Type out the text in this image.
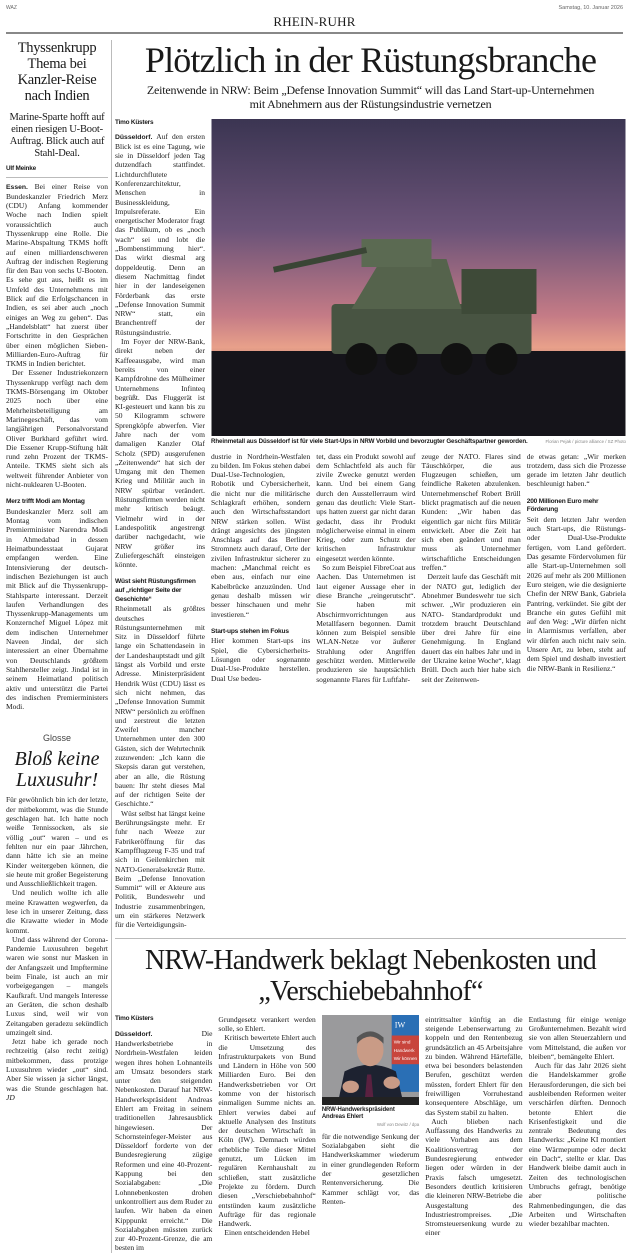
WAZ	Samstag, 10. Januar 2026
RHEIN-RUHR
Thyssenkrupp Thema bei Kanzler-Reise nach Indien
Marine-Sparte hofft auf einen riesigen U-Boot-Auftrag. Blick auch auf Stahl-Deal.
Ulf Meinke

Essen. Bei einer Reise von Bundeskanzler Friedrich Merz (CDU) Anfang kommender Woche nach Indien spielt voraussichtlich auch Thyssenkrupp eine Rolle. Die Marine-Abspaltung TKMS hofft auf einen milliardenschweren Auftrag der indischen Regierung für den Bau von sechs U-Booten. Es sehe gut aus, heißt es im Umfeld des Unternehmens mit Blick auf die Erfolgschancen in Indien, es sei aber auch „noch einiges an Weg zu gehen“. Das „Handelsblatt“ hat zuerst über Fortschritte in den Gesprächen über einen möglichen Sieben-Milliarden-Euro-Auftrag für TKMS in Indien berichtet.

Der Essener Industriekonzern Thyssenkrupp verfügt nach dem TKMS-Börsengang im Oktober 2025 noch über eine Mehrheitsbeteiligung am Marinegeschäft, das vom langjährigen Personalvorstand Oliver Burkhard geführt wird. Die Essener Krupp-Stiftung hält rund zehn Prozent der TKMS-Anteile. TKMS sieht sich als weltweit führender Anbieter von nicht-nuklearen U-Booten.

Merz trifft Modi am Montag

Bundeskanzler Merz soll am Montag vom indischen Premierminister Narendra Modi in Ahmedabad in dessen Heimatbundesstaat Gujarat empfangen werden. Eine Intensivierung der deutsch-indischen Beziehungen ist auch mit Blick auf die Thyssenkrupp-Stahlsparte interessant. Derzeit laufen Verhandlungen des Thyssenkrupp-Managements um Konzernchef Miguel López mit dem indischen Unternehmer Naveen Jindal, der sich interessiert an einer Übernahme von Deutschlands größtem Stahlhersteller zeigt. Jindal ist in seinem Heimatland politisch aktiv und unterstützt die Partei des indischen Premierministers Modi.

Glosse
Bloß keine Luxusuhr!

Für gewöhnlich bin ich der letzte, der mitbekommt, was die Stunde geschlagen hat. Ich hatte noch weiße Tennissocken, als sie völlig „out“ waren – und es fehlten nur ein paar Jährchen, dann hätte ich sie an meine Kinder weitergeben können, die sie heute mit großer Begeisterung und Ausschließlichkeit tragen.

Und neulich wollte ich alle meine Krawatten wegwerfen, da lese ich in unserer Zeitung, dass die Krawatte wieder in Mode kommt.

Und dass während der Corona-Pandemie Luxusuhren begehrt waren wie sonst nur Masken in der Anfangszeit und Impftermine beim Finale, ist auch an mir vorbeigegangen – mangels Kaufkraft. Und mangels Interesse an Geräten, die schon deshalb Luxus sind, weil wir von Zeitangaben geradezu sekündlich umzingelt sind.

Jetzt habe ich gerade noch rechtzeitig (also recht zeitig) mitbekommen, dass protzige Luxusuhren wieder „out“ sind. Aber Sie wissen ja sicher längst, was die Stunde geschlagen hat. JD

Plötzlich in der Rüstungsbranche
Zeitenwende in NRW: Beim „Defense Innovation Summit“ will das Land Start-up-Unternehmen
mit Abnehmern aus der Rüstungsindustrie vernetzen
Timo Küsters

Düsseldorf. Auf den ersten Blick ist es eine Tagung, wie sie in Düsseldorf jeden Tag dutzendfach stattfindet. Lichtdurchflutete Konferenzarchitektur, Menschen in Businesskleidung, Impulsreferate. Ein energetischer Moderator fragt das Publikum, ob es „noch wach“ sei und lobt die „Bombenstimmung hier“. Das wirkt diesmal arg doppeldeutig. Denn an diesem Nachmittag findet hier in der landeseigenen Förderbank das erste „Defense Innovation Summit NRW“ statt, ein Branchentreff der Rüstungsindustrie.

Im Foyer der NRW-Bank, direkt neben der Kaffeeausgabe, wird man bereits von einer Kampfdrohne des Mülheimer Unternehmens Infinteq begrüßt. Das Fluggerät ist KI-gesteuert und kann bis zu 50 Kilogramm schwere Sprengköpfe abwerfen. Vier Jahre nach der vom damaligen Kanzler Olaf Scholz (SPD) ausgerufenen „Zeitenwende“ hat sich der Umgang mit den Themen Krieg und Militär auch in NRW spürbar verändert. Rüstungsfirmen werden nicht mehr kritisch beäugt. Vielmehr wird in der Landespolitik angestrengt darüber nachgedacht, wie NRW größer ins Zuliefergeschäft einsteigen könnte.

Wüst sieht Rüstungsfirmen auf „richtiger Seite der Geschichte“

Rheinmetall als größtes deutsches Rüstungsunternehmen mit Sitz in Düsseldorf führte lange ein Schattendasein in der Landeshauptstadt und gilt längst als Vorbild und erste Adresse. Ministerpräsident Hendrik Wüst (CDU) lässt es sich nicht nehmen, das „Defense Innovation Summit NRW“ persönlich zu eröffnen und zerstreut die letzten Zweifel mancher Unternehmen unter den 300 Gästen, sich der Wehrtechnik zuzuwenden: „Ich kann die Skepsis daran gut verstehen, aber an alle, die Rüstung bauen: Ihr steht dieses Mal auf der richtigen Seite der Geschichte.“

Wüst selbst hat längst keine Berührungsängste mehr. Er fuhr nach Weeze zur Fabrikeröffnung für das Kampfflugzeug F-35 und traf sich in Geilenkirchen mit NATO-Generalsekretär Rutte. Beim „Defense Innovation Summit“ will er Akteure aus Politik, Bundeswehr und Industrie zusammenbringen, um ein stärkeres Netzwerk für die Verteidigungsin-

Rheinmetall aus Düsseldorf ist für viele Start-Ups in NRW Vorbild und bevorzugter Geschäftspartner geworden.	Florian Pejak / picture alliance / SZ Photo

dustrie in Nordrhein-Westfalen zu bilden. Im Fokus stehen dabei Dual-Use-Technologien, Robotik und Cybersicherheit, die nicht nur die militärische Schlagkraft erhöhen, sondern auch den Wirtschaftsstandort NRW stärken sollen. Wüst drängt angesichts des jüngsten Anschlags auf das Berliner Stromnetz auch darauf, Orte der zivilen Infrastruktur sicherer zu machen: „Manchmal reicht es eben aus, einfach nur eine Kabelbrücke anzuzünden. Und genau deshalb müssen wir besser hinschauen und mehr investieren.“

Start-ups stehen im Fokus

Hier kommen Start-ups ins Spiel, die Cybersicherheits-Lösungen oder sogenannte Dual-Use-Produkte herstellen. Dual Use bedeu-

tet, dass ein Produkt sowohl auf dem Schlachtfeld als auch für zivile Zwecke genutzt werden kann. Und bei einem Gang durch den Ausstellerraum wird genau das deutlich: Viele Start-ups hatten zuerst gar nicht daran gedacht, dass ihr Produkt möglicherweise einmal in einem Krieg, oder zum Schutz der kritischen Infrastruktur eingesetzt werden könnte.

So zum Beispiel FibreCoat aus Aachen. Das Unternehmen ist laut eigener Aussage eher in diese Branche „reingerutscht“. Sie haben mit Abschirmvorrichtungen aus Metallfasern begonnen. Damit können zum Beispiel sensible WLAN-Netze vor äußerer Strahlung oder Angriffen geschützt werden. Mittlerweile produzieren sie hauptsächlich sogenannte Flares für Luftfahr-

zeuge der NATO. Flares sind Täuschkörper, die aus Flugzeugen schießen, um feindliche Raketen abzulenken. Unternehmenschef Robert Brüll blickt pragmatisch auf die neuen Kunden: „Wir haben das eigentlich gar nicht fürs Militär entwickelt. Aber die Zeit hat sich eben geändert und man muss als Unternehmer wirtschaftliche Entscheidungen treffen.“

Derzeit laufe das Geschäft mit der NATO gut, lediglich der Abnehmer Bundeswehr tue sich schwer. „Wir produzieren ein NATO- Standardprodukt und trotzdem braucht Deutschland über drei Jahre für eine Genehmigung. In England dauert das ein halbes Jahr und in der Ukraine keine Woche“, klagt Brüll. Doch auch hier habe sich seit der Zeitenwen-

de etwas getan: „Wir merken trotzdem, dass sich die Prozesse gerade im letzten Jahr deutlich beschleunigt haben.“

200 Millionen Euro mehr Förderung

Seit dem letzten Jahr werden auch Start-ups, die Rüstungs- oder Dual-Use-Produkte fertigen, vom Land gefördert. Das gesamte Fördervolumen für alle Start-up-Unternehmen soll 2026 auf mehr als 200 Millionen Euro steigen, wie die designierte Chefin der NRW Bank, Gabriela Pantring, verkündet. Sie gibt der Branche ein gutes Gefühl mit auf den Weg: „Wir dürfen nicht in Alarmismus verfallen, aber wir dürfen auch nicht naiv sein. Unsere Art, zu leben, steht auf dem Spiel und deshalb investiert die NRW-Bank in Resilienz.“

NRW-Handwerk beklagt Nebenkosten und „Verschiebebahnhof“
Timo Küsters

Düsseldorf.	Die Handwerksbetriebe in Nordrhein-Westfalen leiden wegen ihres hohen Lohnanteils am Umsatz besonders stark unter den steigenden Nebenkosten. Darauf hat NRW-Handwerkspräsident Andreas Ehlert am Freitag in seinem traditionellen Jahresausblick hingewiesen. Der Schornsteinfeger-Meister aus Düsseldorf forderte von der Bundesregierung zügige Reformen und eine 40-Prozent-Kappung bei den Sozialabgaben: „Die Lohnnebenkosten drohen unkontrolliert aus dem Ruder zu laufen. Wir haben da einen Kipppunkt erreicht.“ Die Sozialabgaben müssten zurück zur 40-Prozent-Grenze, die am besten im

Grundgesetz verankert werden solle, so Ehlert.

Kritisch bewertete Ehlert auch die Umsetzung des Infrastrukturpakets von Bund und Ländern in Höhe von 500 Milliarden Euro. Bei den Handwerksbetrieben vor Ort komme von der historisch einmaligen Summe nichts an. Ehlert verwies dabei auf aktuelle Analysen des Instituts der deutschen Wirtschaft in Köln (IW). Demnach würden erhebliche Teile dieser Mittel genutzt, um Lücken im regulären Kernhaushalt zu schließen, statt zusätzliche Projekte zu fördern. Durch diesen „Verschiebebahnhof“ entstünden kaum zusätzliche Aufträge für das regionale Handwerk.

Einen entscheidenden Hebel

IW
Wir sind
Handwerk
Wir können
NRW-Handwerkspräsident Andreas Ehlert
Wolf von Dewitz / dpa

für die notwendige Senkung der Sozialabgaben sieht die Handwerkskammer wiederum in einer grundlegenden Reform der gesetzlichen Rentenversicherung. Die Kammer schlägt vor, das Renten-

eintrittsalter künftig an die steigende Lebenserwartung zu koppeln und den Rentenbezug grundsätzlich an 45 Arbeitsjahre zu binden. Während Härtefälle, etwa bei besonders belastenden Berufen, geschützt werden müssten, fordert Ehlert für den freiwilligen Vorruhestand konsequentere Abschläge, um das System stabil zu halten.

Auch blieben nach Auffassung des Handwerks zu viele Vorhaben aus dem Koalitionsvertrag der Bundesregierung entweder liegen oder würden in der Praxis falsch umgesetzt. Besonders deutlich kritisieren die kleineren NRW-Betriebe die Ausgestaltung des Industriestrompreises. „Die Stromsteuersenkung wurde zu einer

Entlastung für einige wenige Großunternehmen. Bezahlt wird sie von allen Steuerzahlern und vom Mittelstand, die außen vor bleiben“, bemängelte Ehlert.

Auch für das Jahr 2026 sieht die Handelskammer große Herausforderungen, die sich bei ausbleibenden Reformen weiter verschärfen dürften. Dennoch betonte Ehlert die Krisenfestigkeit und die zentrale Bedeutung des Handwerks: „Keine KI montiert eine Wärmepumpe oder deckt ein Dach“, stellte er klar. Das Handwerk bleibe damit auch in Zeiten des technologischen Umbruchs gefragt, benötige aber politische Rahmenbedingungen, die das Arbeiten und Wirtschaften wieder bezahlbar machten.
